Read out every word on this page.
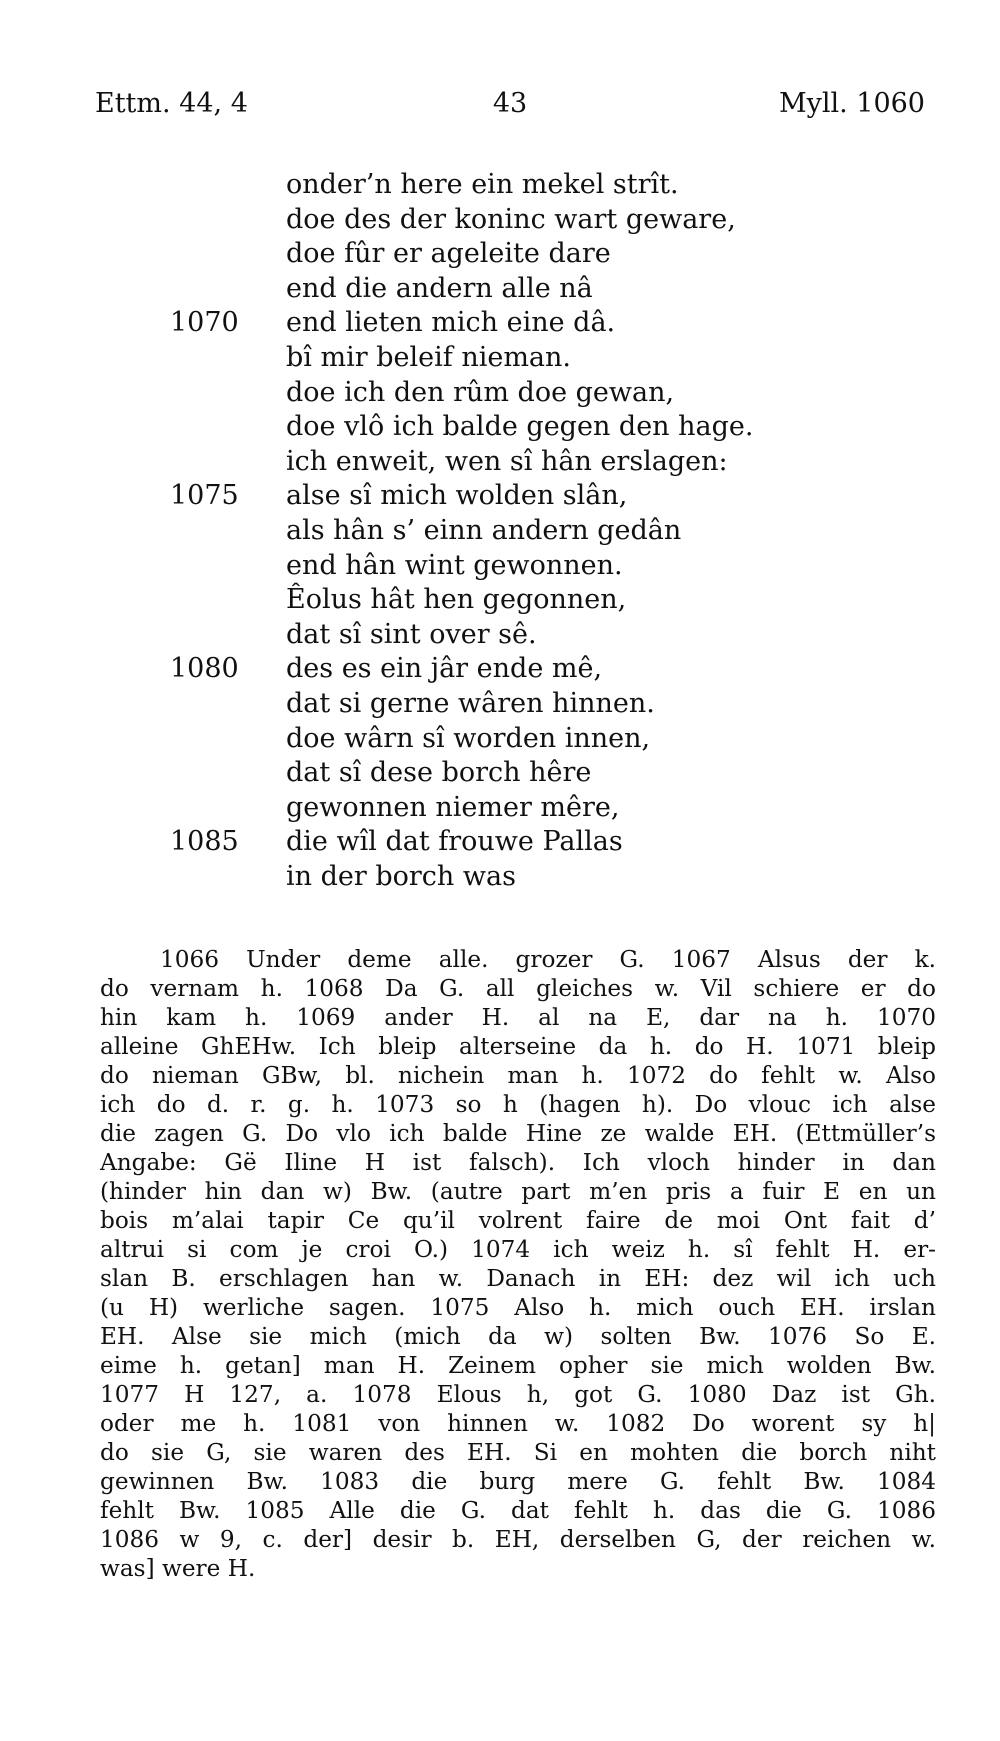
Ettm. 44, 4	43	Myll. 1060
onder’n here ein mekel strît.
doe des der koninc wart geware,
doe fûr er ageleite dare
end die andern alle nâ
1070	end lieten mich eine dâ.
bî mir beleif nieman.
doe ich den rûm doe gewan,
doe vlô ich balde gegen den hage.
ich enweit, wen sî hân erslagen:
1075	alse sî mich wolden slân,
als hân s’ einn andern gedân
end hân wint gewonnen.
Êolus hât hen gegonnen,
dat sî sint over sê.
1080	des es ein jâr ende mê,
dat si gerne wâren hinnen.
doe wârn sî worden innen,
dat sî dese borch hêre
gewonnen niemer mêre,
1085	die wîl dat frouwe Pallas
in der borch was
1066 Under deme alle. grozer G. 1067 Alsus der k.
do vernam h. 1068 Da G. all gleiches w. Vil schiere er do
hin kam h. 1069 ander H. al na E, dar na h. 1070
alleine GhEHw. Ich bleip alterseine da h. do H. 1071 bleip
do nieman GBw, bl. nichein man h. 1072 do fehlt w. Also
ich do d. r. g. h. 1073 so h (hagen h). Do vlouc ich alse
die zagen G. Do vlo ich balde Hine ze walde EH. (Ettmüller’s
Angabe: Gë Iline H ist falsch). Ich vloch hinder in dan
(hinder hin dan w) Bw. (autre part m’en pris a fuir E en un
bois m’alai tapir Ce qu’il volrent faire de moi Ont fait d’
altrui si com je croi O.) 1074 ich weiz h. sî fehlt H. er-
slan B. erschlagen han w. Danach in EH: dez wil ich uch
(u H) werliche sagen. 1075 Also h. mich ouch EH. irslan
EH. Alse sie mich (mich da w) solten Bw. 1076 So E.
eime h. getan] man H. Zeinem opher sie mich wolden Bw.
1077 H 127, a. 1078 Elous h, got G. 1080 Daz ist Gh.
oder me h. 1081 von hinnen w. 1082 Do worent sy h|
do sie G, sie waren des EH. Si en mohten die borch niht
gewinnen Bw. 1083 die burg mere G. fehlt Bw. 1084
fehlt Bw. 1085 Alle die G. dat fehlt h. das die G. 1086
1086 w 9, c. der] desir b. EH, derselben G, der reichen w.
was] were H.
